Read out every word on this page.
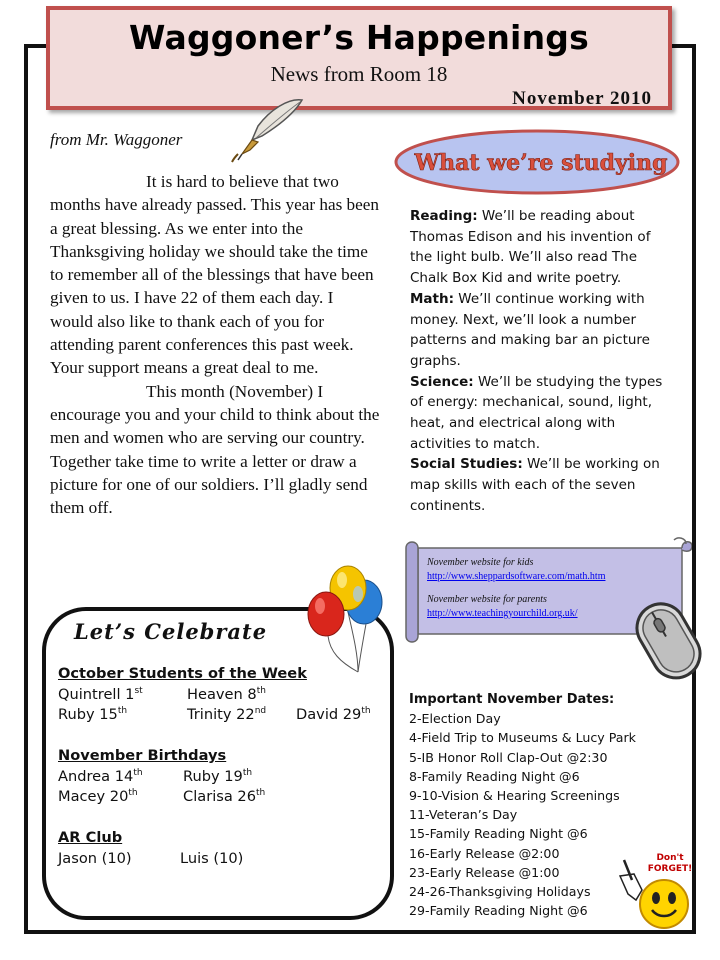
Waggoner’s Happenings
News from Room 18
November 2010
from Mr. Waggoner

It is hard to believe that two months have already passed. This year has been a great blessing. As we enter into the Thanksgiving holiday we should take the time to remember all of the blessings that have been given to us. I have 22 of them each day. I would also like to thank each of you for attending parent conferences this past week. Your support means a great deal to me.

This month (November) I encourage you and your child to think about the men and women who are serving our country. Together take time to write a letter or draw a picture for one of our soldiers. I’ll gladly send them off.

What we’re studying

Reading: We’ll be reading about Thomas Edison and his invention of the light bulb. We’ll also read The Chalk Box Kid and write poetry.

Math: We’ll continue working with money. Next, we’ll look a number patterns and making bar an picture graphs.

Science: We’ll be studying the types of energy: mechanical, sound, light, heat, and electrical along with activities to match.

Social Studies: We’ll be working on map skills with each of the seven continents.

November website for kids
http://www.sheppardsoftware.com/math.htm
November website for parents
http://www.teachingyourchild.org.uk/
Important November Dates:
2-Election Day
4-Field Trip to Museums & Lucy Park
5-IB Honor Roll Clap-Out @2:30
8-Family Reading Night @6
9-10-Vision & Hearing Screenings
11-Veteran’s Day
15-Family Reading Night @6
16-Early Release @2:00
23-Early Release @1:00
24-26-Thanksgiving Holidays
29-Family Reading Night @6
Don't
FORGET!
Let’s Celebrate
October Students of the Week
Quintrell 1st	Heaven 8th
Ruby 15th	Trinity 22nd David 29th
November Birthdays
Andrea 14th	Ruby 19th
Macey 20th	Clarisa 26th
AR Club
Jason (10)	Luis (10)
